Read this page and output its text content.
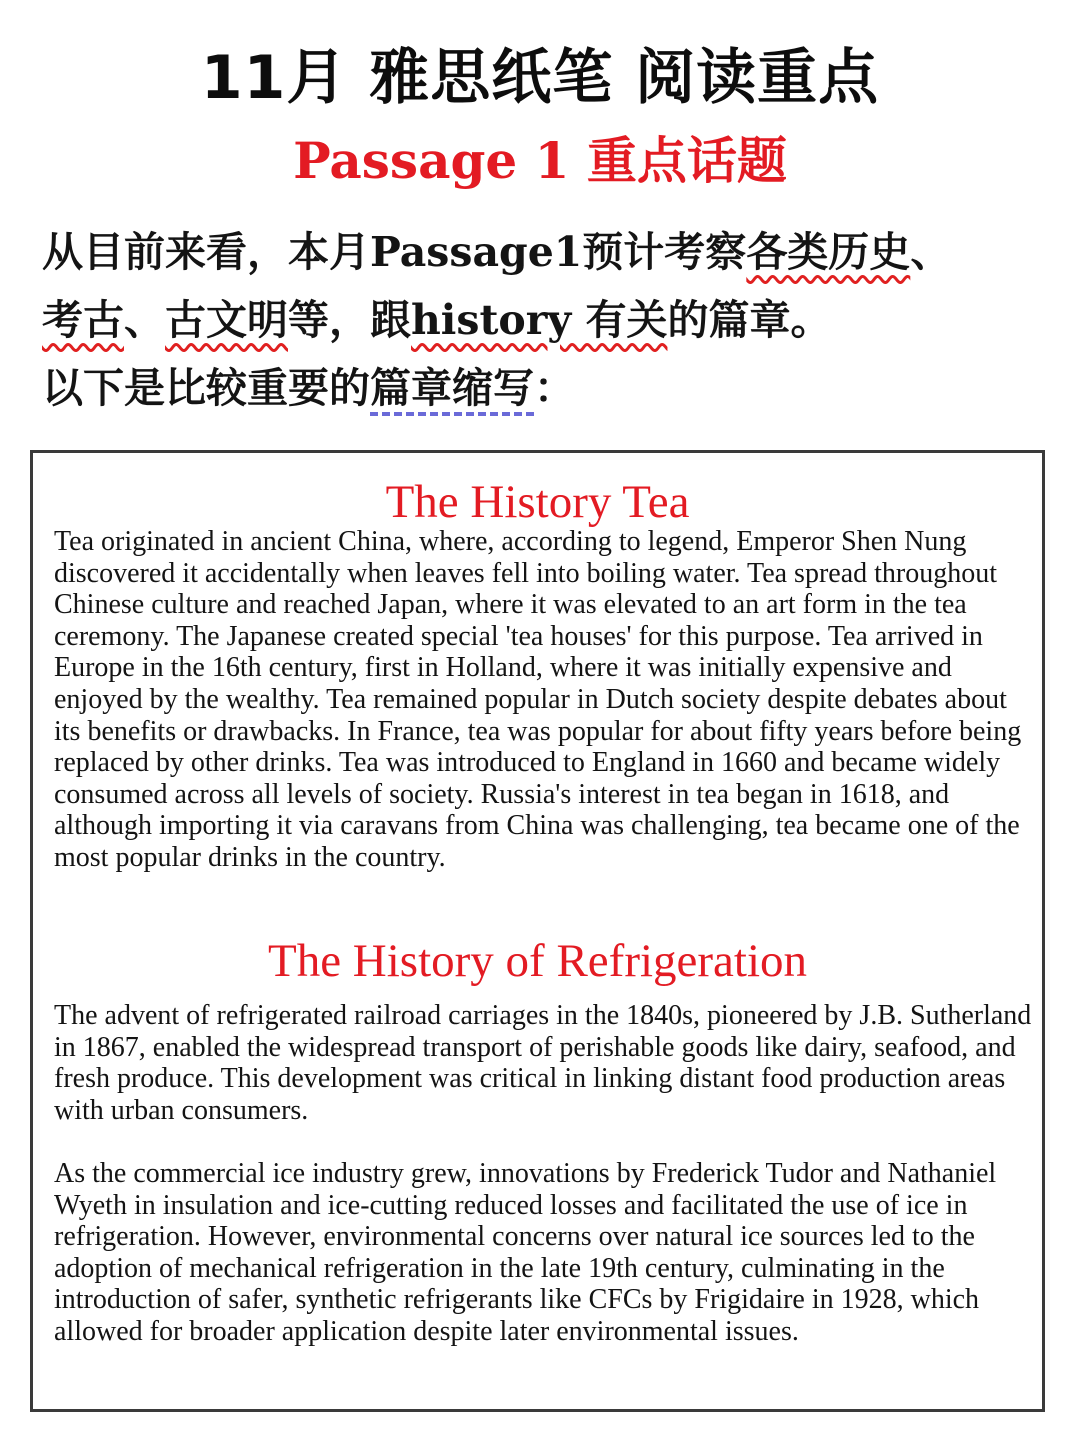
11月 雅思纸笔 阅读重点
Passage 1 重点话题
从目前来看，本月Passage1预计考察各类历史、
考古、古文明等，跟history 有关的篇章。
以下是比较重要的篇章缩写：
The History Tea

Tea originated in ancient China, where, according to legend, Emperor Shen Nung discovered it accidentally when leaves fell into boiling water. Tea spread throughout Chinese culture and reached Japan, where it was elevated to an art form in the tea ceremony. The Japanese created special 'tea houses' for this purpose. Tea arrived in Europe in the 16th century, first in Holland, where it was initially expensive and enjoyed by the wealthy. Tea remained popular in Dutch society despite debates about its benefits or drawbacks. In France, tea was popular for about fifty years before being replaced by other drinks. Tea was introduced to England in 1660 and became widely consumed across all levels of society. Russia's interest in tea began in 1618, and although importing it via caravans from China was challenging, tea became one of the most popular drinks in the country.

The History of Refrigeration

The advent of refrigerated railroad carriages in the 1840s, pioneered by J.B. Sutherland in 1867, enabled the widespread transport of perishable goods like dairy, seafood, and fresh produce. This development was critical in linking distant food production areas with urban consumers.

As the commercial ice industry grew, innovations by Frederick Tudor and Nathaniel Wyeth in insulation and ice-cutting reduced losses and facilitated the use of ice in refrigeration. However, environmental concerns over natural ice sources led to the adoption of mechanical refrigeration in the late 19th century, culminating in the introduction of safer, synthetic refrigerants like CFCs by Frigidaire in 1928, which allowed for broader application despite later environmental issues.
